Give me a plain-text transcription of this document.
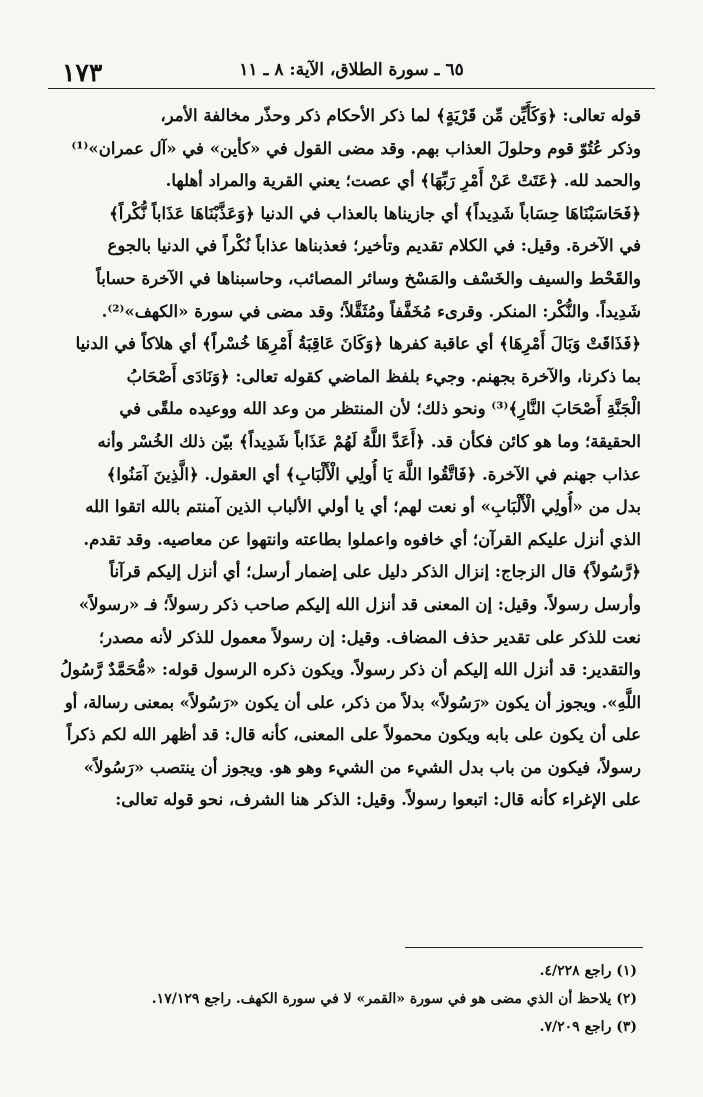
١٧٣	٦٥ ـ سورة الطلاق، الآية: ٨ ـ ١١
قوله تعالى: ﴿وَكَأَيِّن مِّن قَرْيَةٍ﴾ لما ذكر الأحكام ذكر وحذّر مخالفة الأمر،
وذكر عُتُوّ قوم وحلولَ العذاب بهم. وقد مضى القول في «كأين» في «آل عمران»⁽¹⁾
والحمد لله. ﴿عَتَتْ عَنْ أَمْرِ رَبِّهَا﴾ أي عصت؛ يعني القرية والمراد أهلها.
﴿فَحَاسَبْنَاهَا حِسَاباً شَدِيداً﴾ أي جازيناها بالعذاب في الدنيا ﴿وَعَذَّبْنَاهَا عَذَاباً نُّكْراً﴾
في الآخرة. وقيل: في الكلام تقديم وتأخير؛ فعذبناها عذاباً نُكْراً في الدنيا بالجوع
والقَحْط والسيف والخَسْف والمَسْخ وسائر المصائب، وحاسبناها في الآخرة حساباً
شَدِيداً. والنُّكْر: المنكر. وقرىء مُخَفَّفاً ومُثَقَّلاً؛ وقد مضى في سورة «الكهف»⁽²⁾.
﴿فَذَاقَتْ وَبَالَ أَمْرِهَا﴾ أي عاقبة كفرها ﴿وَكَانَ عَاقِبَةُ أَمْرِهَا خُسْراً﴾ أي هلاكاً في الدنيا
بما ذكرنا، والآخرة بجهنم. وجيء بلفظ الماضي كقوله تعالى: ﴿وَنَادَى أَصْحَابُ
الْجَنَّةِ أَصْحَابَ النَّارِ﴾⁽³⁾ ونحو ذلك؛ لأن المنتظر من وعد الله ووعيده ملقًى في
الحقيقة؛ وما هو كائن فكأن قد. ﴿أَعَدَّ اللَّهُ لَهُمْ عَذَاباً شَدِيداً﴾ بيّن ذلك الخُسْر وأنه
عذاب جهنم في الآخرة. ﴿فَاتَّقُوا اللَّهَ يَا أُولِي الْأَلْبَابِ﴾ أي العقول. ﴿الَّذِينَ آمَنُوا﴾
بدل من «أُولِي الْأَلْبَابِ» أو نعت لهم؛ أي يا أولي الألباب الذين آمنتم بالله اتقوا الله
الذي أنزل عليكم القرآن؛ أي خافوه واعملوا بطاعته وانتهوا عن معاصيه. وقد تقدم.
﴿رَّسُولاً﴾ قال الزجاج: إنزال الذكر دليل على إضمار أرسل؛ أي أنزل إليكم قرآناً
وأرسل رسولاً. وقيل: إن المعنى قد أنزل الله إليكم صاحب ذكر رسولاً؛ فـ «رسولاً»
نعت للذكر على تقدير حذف المضاف. وقيل: إن رسولاً معمول للذكر لأنه مصدر؛
والتقدير: قد أنزل الله إليكم أن ذكر رسولاً. ويكون ذكره الرسول قوله: «مُّحَمَّدٌ رَّسُولُ
اللَّهِ». ويجوز أن يكون «رَسُولاً» بدلاً من ذكر، على أن يكون «رَسُولاً» بمعنى رسالة، أو
على أن يكون على بابه ويكون محمولاً على المعنى، كأنه قال: قد أظهر الله لكم ذكراً
رسولاً، فيكون من باب بدل الشيء من الشيء وهو هو. ويجوز أن ينتصب «رَسُولاً»
على الإغراء كأنه قال: اتبعوا رسولاً. وقيل: الذكر هنا الشرف، نحو قوله تعالى:
(١) راجع ٤/٢٢٨.
(٢) يلاحظ أن الذي مضى هو في سورة «القمر» لا في سورة الكهف. راجع ١٧/١٢٩.
(٣) راجع ٧/٢٠٩.
